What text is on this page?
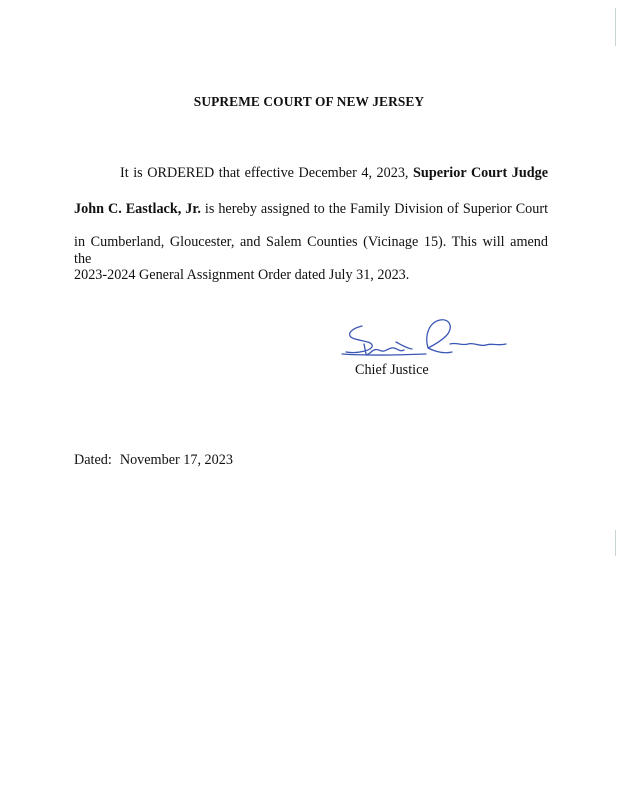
SUPREME COURT OF NEW JERSEY
It is ORDERED that effective December 4, 2023, Superior Court Judge
John C. Eastlack, Jr. is hereby assigned to the Family Division of Superior Court
in Cumberland, Gloucester, and Salem Counties (Vicinage 15). This will amend the
2023-2024 General Assignment Order dated July 31, 2023.
Chief Justice
Dated: November 17, 2023
